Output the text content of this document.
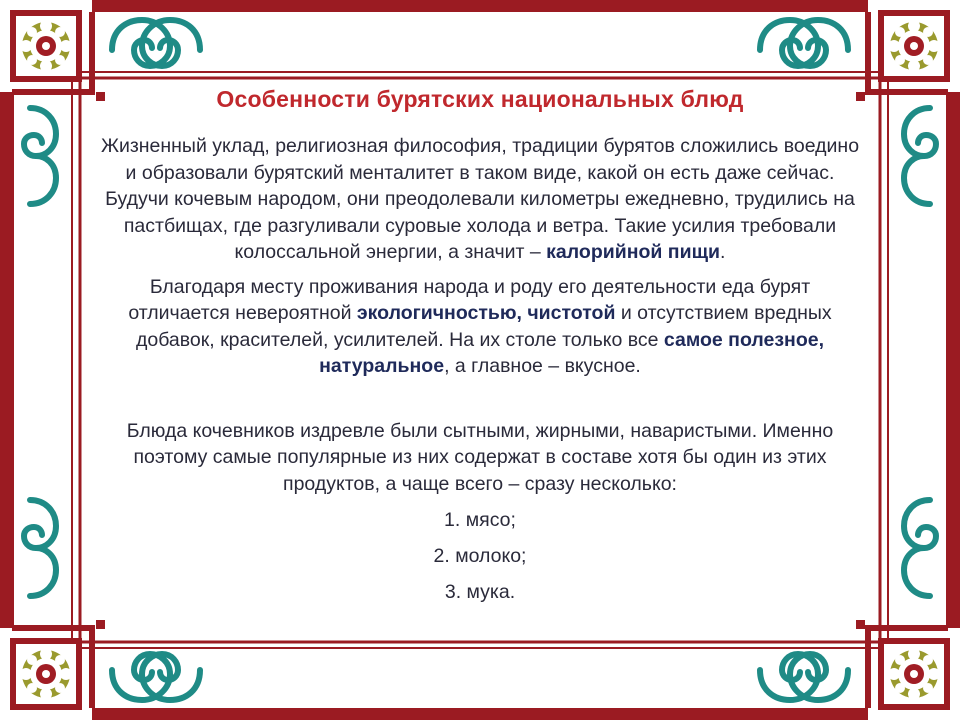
Особенности бурятских национальных блюд

Жизненный уклад, религиозная философия, традиции бурятов сложились воедино и образовали бурятский менталитет в таком виде, какой он есть даже сейчас. Будучи кочевым народом, они преодолевали километры ежедневно, трудились на пастбищах, где разгуливали суровые холода и ветра. Такие усилия требовали колоссальной энергии, а значит – калорийной пищи.

Благодаря месту проживания народа и роду его деятельности еда бурят отличается невероятной экологичностью, чистотой и отсутствием вредных добавок, красителей, усилителей. На их столе только все самое полезное, натуральное, а главное – вкусное.

Блюда кочевников издревле были сытными, жирными, наваристыми. Именно поэтому самые популярные из них содержат в составе хотя бы один из этих продуктов, а чаще всего – сразу несколько:

1. мясо;

2. молоко;

3. мука.
